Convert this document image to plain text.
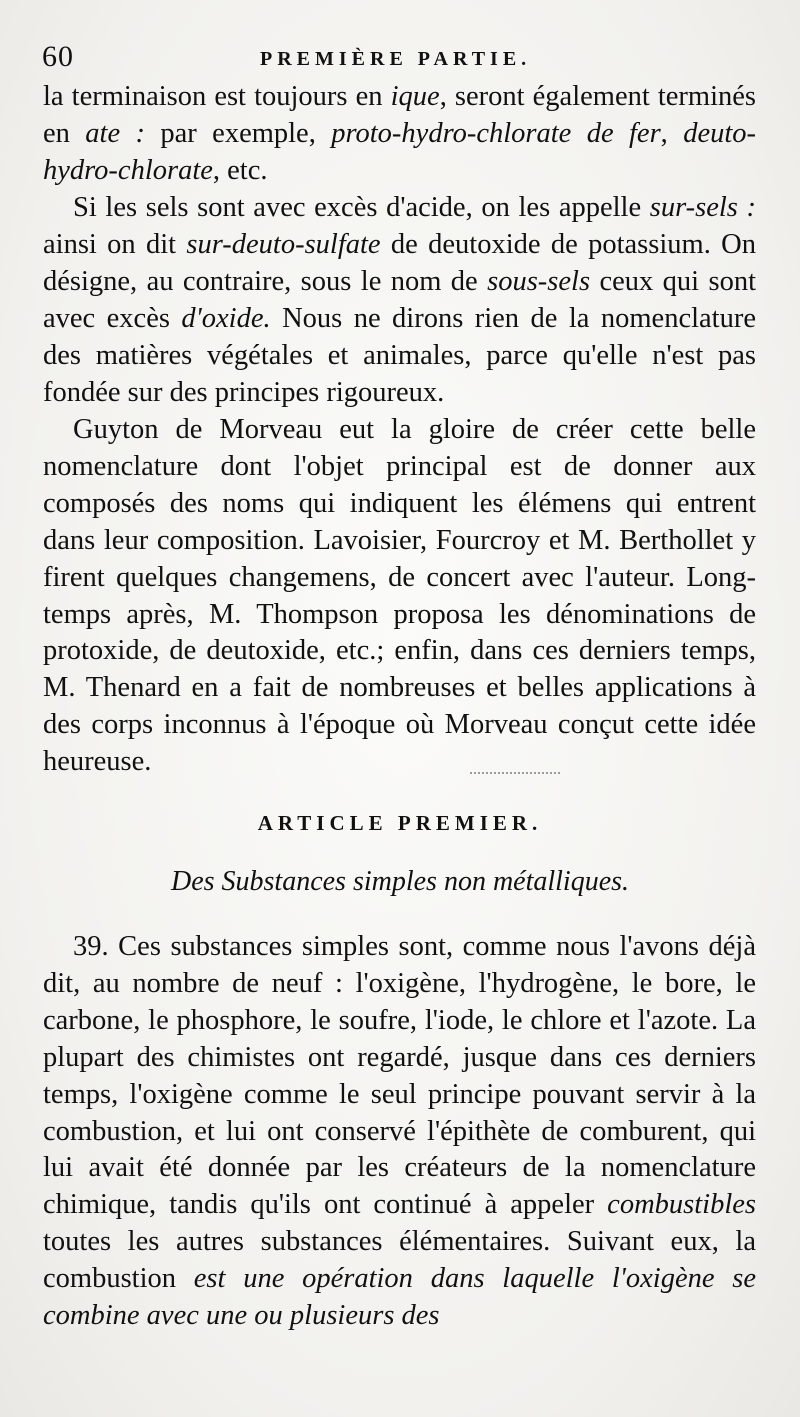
60	PREMIÈRE PARTIE.

la terminaison est toujours en ique, seront également terminés en ate : par exemple, proto-hydro-chlorate de fer, deuto-hydro-chlorate, etc.

Si les sels sont avec excès d'acide, on les appelle sur-sels : ainsi on dit sur-deuto-sulfate de deutoxide de potassium. On désigne, au contraire, sous le nom de sous-sels ceux qui sont avec excès d'oxide. Nous ne dirons rien de la nomenclature des matières végétales et animales, parce qu'elle n'est pas fondée sur des principes rigoureux.

Guyton de Morveau eut la gloire de créer cette belle nomenclature dont l'objet principal est de donner aux composés des noms qui indiquent les élémens qui entrent dans leur composition. Lavoisier, Fourcroy et M. Berthollet y firent quelques changemens, de concert avec l'auteur. Long-temps après, M. Thompson proposa les dénominations de protoxide, de deutoxide, etc.; enfin, dans ces derniers temps, M. Thenard en a fait de nombreuses et belles applications à des corps inconnus à l'époque où Morveau conçut cette idée heureuse.

ARTICLE PREMIER.
Des Substances simples non métalliques.

39. Ces substances simples sont, comme nous l'avons déjà dit, au nombre de neuf : l'oxigène, l'hydrogène, le bore, le carbone, le phosphore, le soufre, l'iode, le chlore et l'azote. La plupart des chimistes ont regardé, jusque dans ces derniers temps, l'oxigène comme le seul principe pouvant servir à la combustion, et lui ont conservé l'épithète de comburent, qui lui avait été donnée par les créateurs de la nomenclature chimique, tandis qu'ils ont continué à appeler combustibles toutes les autres substances élémentaires. Suivant eux, la combustion est une opération dans laquelle l'oxigène se combine avec une ou plusieurs des
